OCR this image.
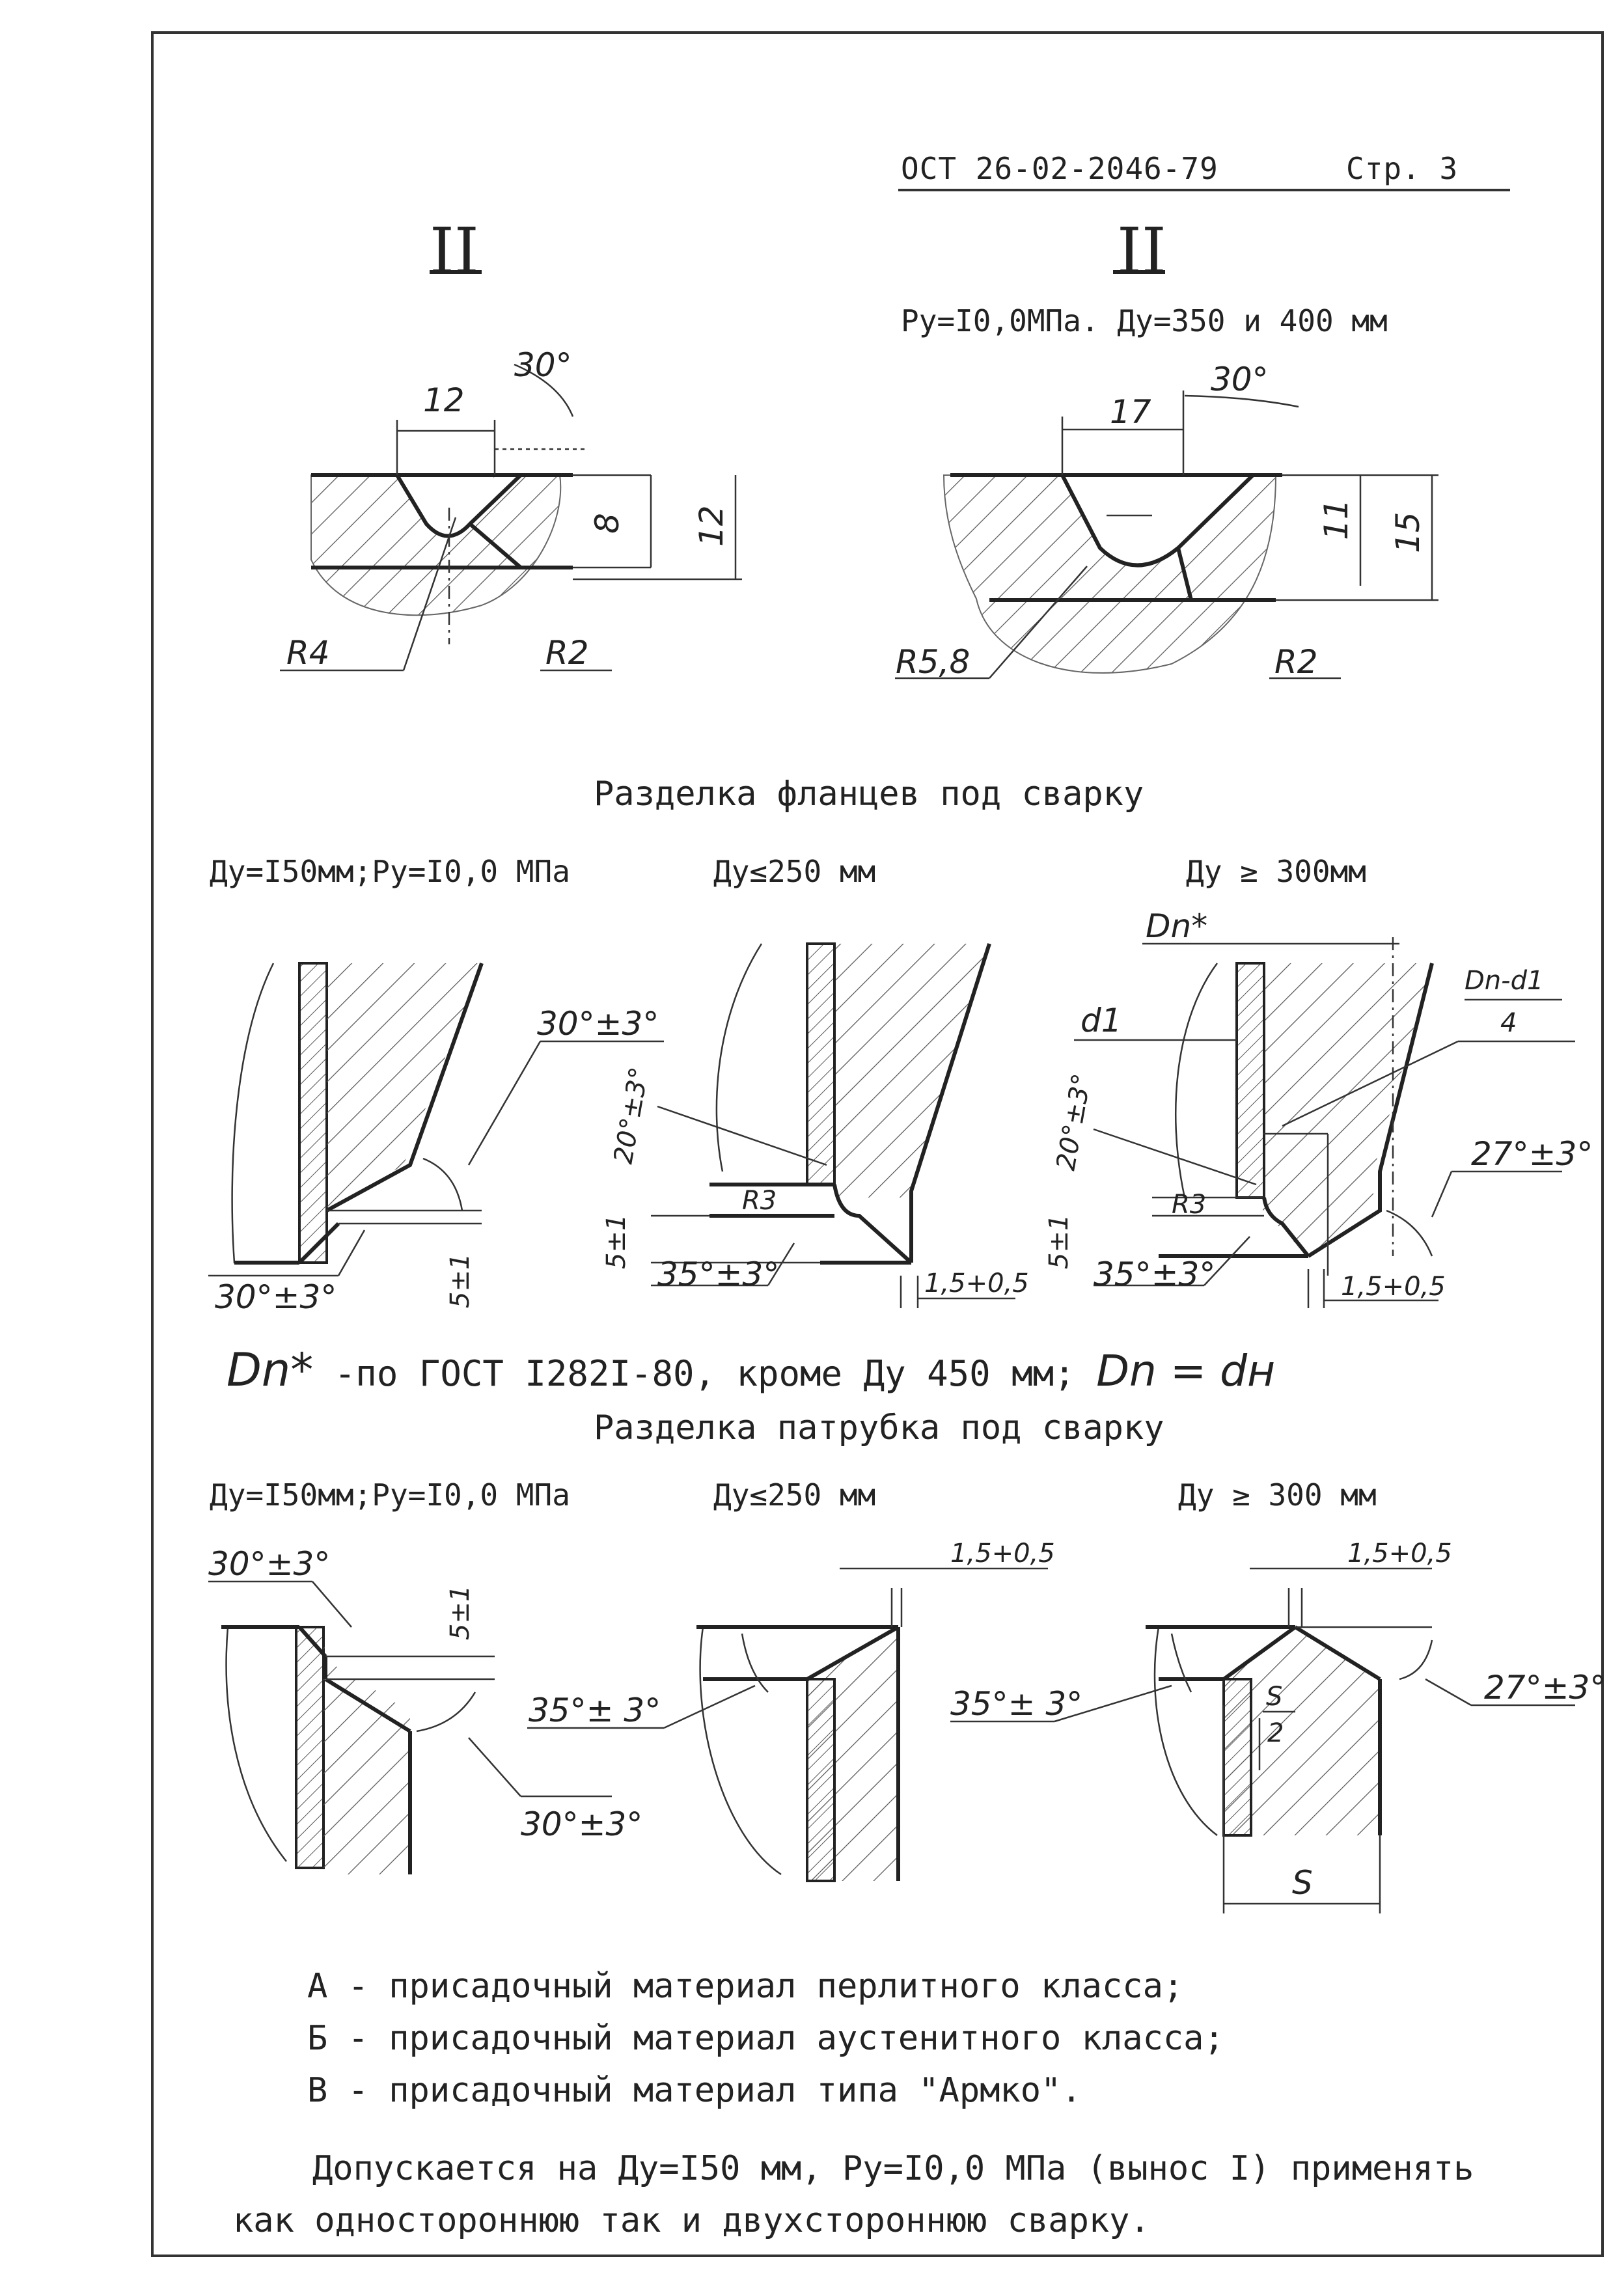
ОСТ 26-02-2046-79	Стр. 3
II	II
Ру=I0,0МПа. Ду=350 и 400 мм
Разделка фланцев под сварку
Ду=I50мм;Ру=I0,0 МПа	Ду≤250 мм	Ду ≥ 300мм
Dn* -по ГОСТ I282I-80, кроме Ду 450 мм; Dn = dн
Разделка патрубка под сварку
Ду=I50мм;Ру=I0,0 МПа	Ду≤250 мм	Ду ≥ 300 мм
А - присадочный материал перлитного класса;
Б - присадочный материал аустенитного класса;
В - присадочный материал типа "Армко".
Допускается на Ду=I50 мм, Ру=I0,0 МПа (вынос I) применять
как одностороннюю так и двухстороннюю сварку.
12
30°
8 12
R4	R2
17
30°
11 15
R5,8	R2
30°±3°
30°±3°	5±1
20°±3°
R3
5±1
35°±3°	1,5+0,5
Dn*
d1
Dn-d1
4
20°±3°
R3
5±1
35°±3°
27°±3°
1,5+0,5
30°±3°
5±1
30°±3°
1,5+0,5
35°± 3°
1,5+0,5
35°± 3°	27°±3°
S
2
S
